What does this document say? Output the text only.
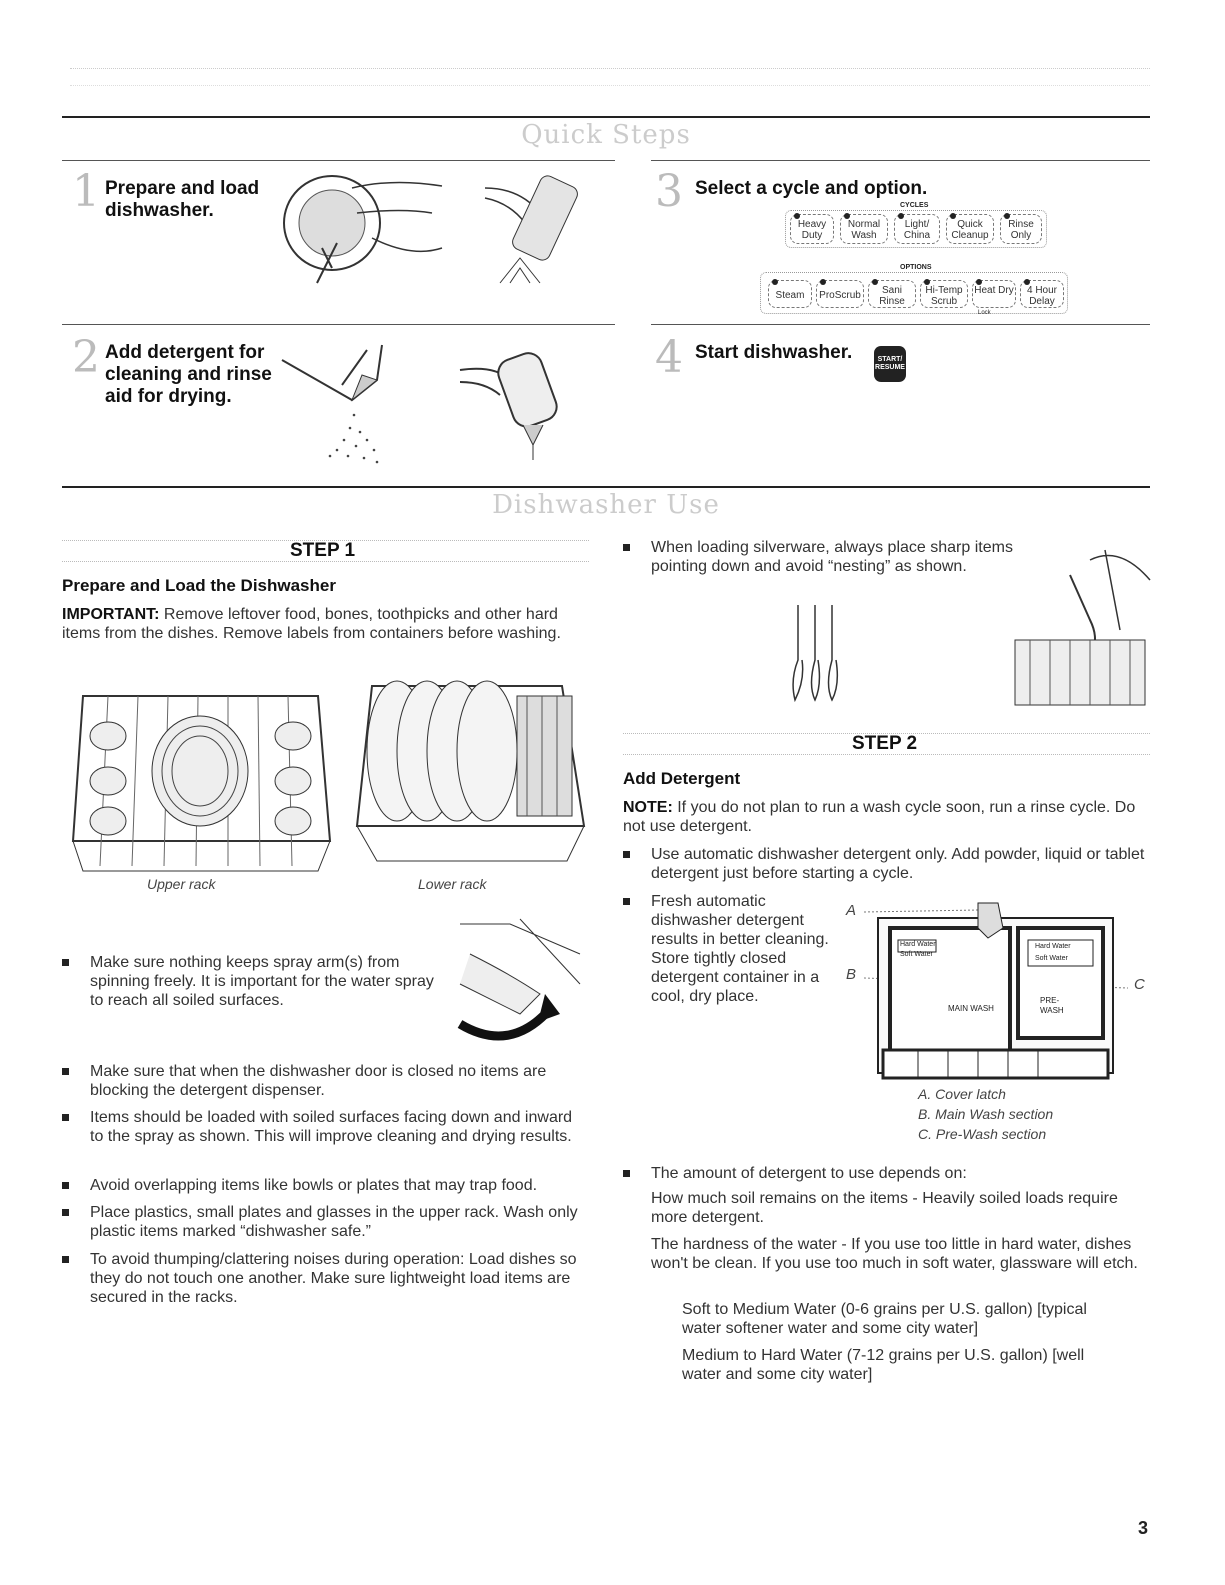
Quick Steps
1 Prepare and load dishwasher.	3 Select a cycle and option.
CYCLES
Heavy Duty
Normal Wash
Light/ China
Quick Cleanup
Rinse Only
OPTIONS
Steam	ProScrub	Sani Rinse
Hi-Temp Scrub
Heat Dry	4 Hour Delay
Lock
2 Add detergent for cleaning and rinse aid for drying.
4 Start dishwasher.	START/ RESUME
Dishwasher Use
STEP 1
Prepare and Load the Dishwasher
IMPORTANT: Remove leftover food, bones, toothpicks and other hard items from the dishes. Remove labels from containers before washing.
Upper rack	Lower rack
Make sure nothing keeps spray arm(s) from spinning freely. It is important for the water spray to reach all soiled surfaces.
Make sure that when the dishwasher door is closed no items are blocking the detergent dispenser.
Items should be loaded with soiled surfaces facing down and inward to the spray as shown. This will improve cleaning and drying results.
Avoid overlapping items like bowls or plates that may trap food.
Place plastics, small plates and glasses in the upper rack. Wash only plastic items marked “dishwasher safe.”
To avoid thumping/clattering noises during operation: Load dishes so they do not touch one another. Make sure lightweight load items are secured in the racks.
When loading silverware, always place sharp items pointing down and avoid “nesting” as shown.
STEP 2
Add Detergent
NOTE: If you do not plan to run a wash cycle soon, run a rinse cycle. Do not use detergent.
Use automatic dishwasher detergent only. Add powder, liquid or tablet detergent just before starting a cycle.
Fresh automatic dishwasher detergent results in better cleaning. Store tightly closed detergent container in a cool, dry place.
A
B
C
Hard Water
Soft Water
Hard Water
Soft Water
MAIN WASH
PRE- WASH
A. Cover latch
B. Main Wash section
C. Pre-Wash section
The amount of detergent to use depends on:
How much soil remains on the items - Heavily soiled loads require more detergent.
The hardness of the water - If you use too little in hard water, dishes won't be clean. If you use too much in soft water, glassware will etch.
Soft to Medium Water (0-6 grains per U.S. gallon) [typical water softener water and some city water]
Medium to Hard Water (7-12 grains per U.S. gallon) [well water and some city water]
3
